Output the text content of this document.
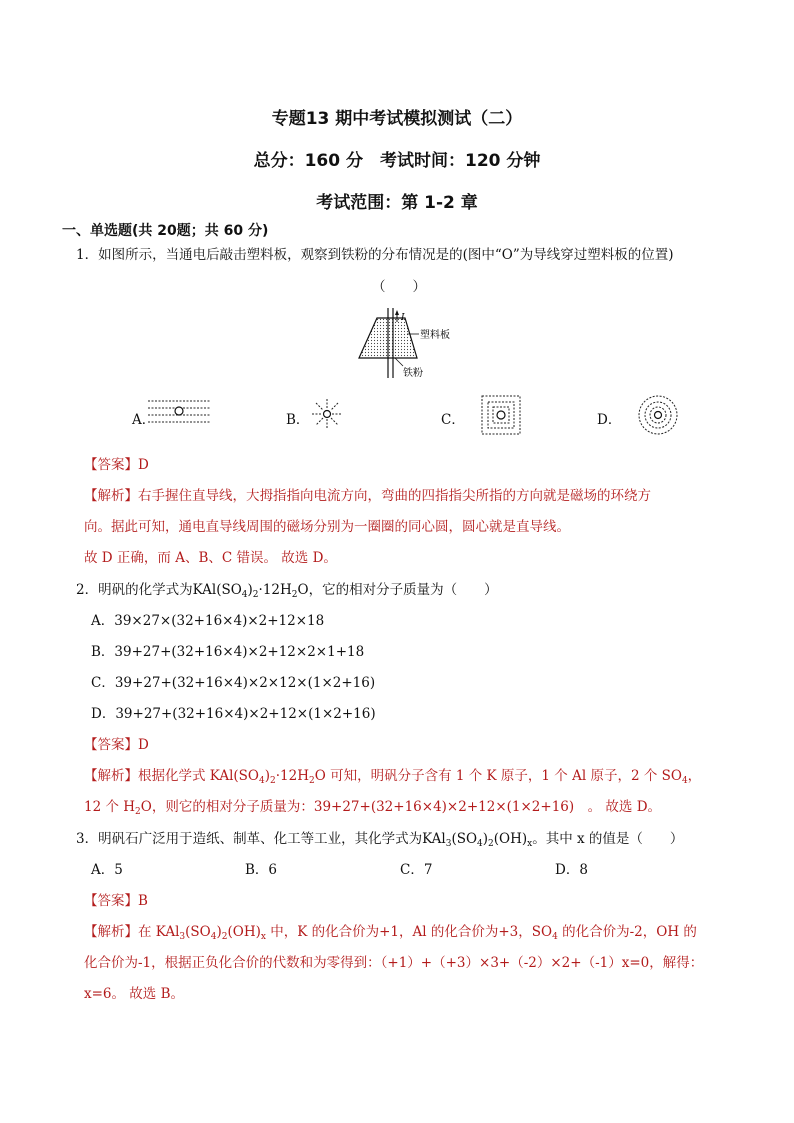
专题13 期中考试模拟测试（二）
总分：160 分　考试时间：120 分钟
考试范围：第 1-2 章
一、单选题(共 20题；共 60 分)
1．如图所示，当通电后敲击塑料板，观察到铁粉的分布情况是的(图中“O”为导线穿过塑料板的位置)
（　　）
I
塑料板
铁粉
A．	B．	C．	D．
【答案】D
【解析】右手握住直导线，大拇指指向电流方向，弯曲的四指指尖所指的方向就是磁场的环绕方
向。据此可知，通电直导线周围的磁场分别为一圈圈的同心圆，圆心就是直导线。
故 D 正确，而 A、B、C 错误。 故选 D。
2．明矾的化学式为$KAl(SO_4)_2\cdot 12H_2O$，它的相对分子质量为（　　）
A．39×27×(32+16×4)×2+12×18
B．39+27+(32+16×4)×2+12×2×1+18
C．39+27+(32+16×4)×2×12×(1×2+16)
D．39+27+(32+16×4)×2+12×(1×2+16)
【答案】D
【解析】根据化学式 $KAl(SO_4)_2\cdot 12H_2O$ 可知，明矾分子含有 1 个 K 原子，1 个 Al 原子，2 个 $SO_4$，
12 个 $H_2O$，则它的相对分子质量为：39+27+(32+16×4)×2+12×(1×2+16)　。 故选 D。
3．明矾石广泛用于造纸、制革、化工等工业，其化学式为$KAl_3(SO_4)_2(OH)_x$。其中 x 的值是（　　）
A．5	B．6	C．7	D．8
【答案】B
【解析】在 $KAl_3(SO_4)_2(OH)_x$ 中，K 的化合价为+1，Al 的化合价为+3，$SO_4$ 的化合价为-2，OH 的
化合价为-1，根据正负化合价的代数和为零得到：（+1）+（+3）×3+（-2）×2+（-1）x=0，解得：
x=6。 故选 B。
